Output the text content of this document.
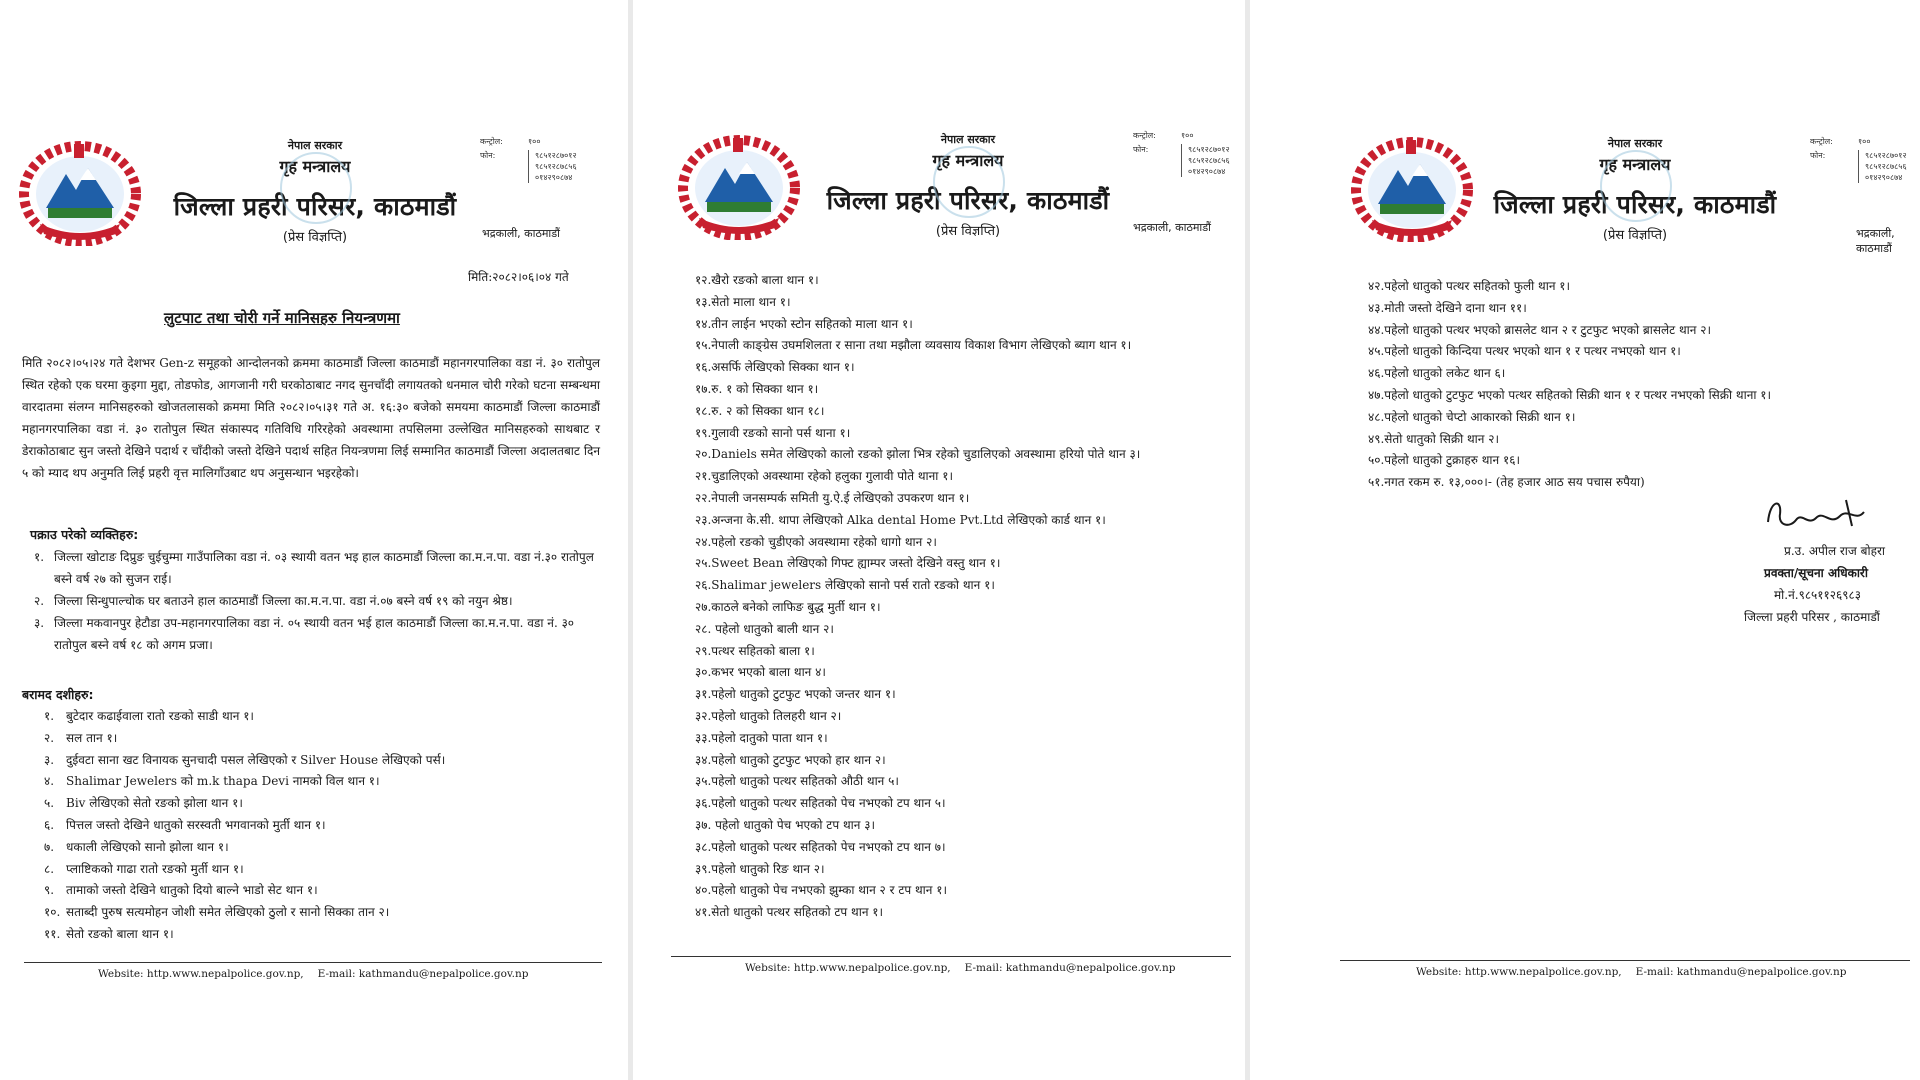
नेपाल सरकार
गृह मन्त्रालय
जिल्ला प्रहरी परिसर, काठमाडौं
(प्रेस विज्ञप्ति)
कन्ट्रोल:	१००
फोन:	९८५१२८७०१२
९८५१२८७८५६
०१४२९०८७४
भद्रकाली, काठमाडौं
मिति:२०८२।०६।०४ गते
लुटपाट तथा चोरी गर्ने मानिसहरु नियन्त्रणमा
मिति २०८२।०५।२४ गते देशभर Gen-z समूहको आन्दोलनको क्रममा काठमाडौं जिल्ला काठमाडौं महानगरपालिका वडा नं. ३० रातोपुल स्थित रहेको एक घरमा कुइगा मुद्दा, तोडफोड, आगजानी गरी घरकोठाबाट नगद सुनचाँदी लगायतको धनमाल चोरी गरेको घटना सम्बन्धमा वारदातमा संलग्न मानिसहरुको खोजतलासको क्रममा मिति २०८२।०५।३१ गते अ. १६:३० बजेको समयमा काठमाडौं जिल्ला काठमाडौं महानगरपालिका वडा नं. ३० रातोपुल स्थित संकास्पद गतिविधि गरिरहेको अवस्थामा तपसिलमा उल्लेखित मानिसहरुको साथबाट र डेराकोठाबाट सुन जस्तो देखिने पदार्थ र चाँदीको जस्तो देखिने पदार्थ सहित नियन्त्रणमा लिई सम्मानित काठमाडौं जिल्ला अदालतबाट दिन ५ को म्याद थप अनुमति लिई प्रहरी वृत्त मालिगाँउबाट थप अनुसन्धान भइरहेको।
पक्राउ परेको व्यक्तिहरु:
१. जिल्ला खोटाङ दिप्रुङ चुईचुम्मा गाउँपालिका वडा नं. ०३ स्थायी वतन भइ हाल काठमाडौं जिल्ला का.म.न.पा. वडा नं.३० रातोपुल बस्ने वर्ष २७ को सुजन राई।
२. जिल्ला सिन्धुपाल्चोक घर बताउने हाल काठमाडौं जिल्ला का.म.न.पा. वडा नं.०७ बस्ने वर्ष १९ को नयुन श्रेष्ठ।
३. जिल्ला मकवानपुर हेटौडा उप-महानगरपालिका वडा नं. ०५ स्थायी वतन भई हाल काठमाडौं जिल्ला का.म.न.पा. वडा नं. ३० रातोपुल बस्ने वर्ष १८ को अगम प्रजा।
बरामद दशीहरु:
१. बुटेदार कढाईवाला रातो रङको साडी थान १।
२. सल तान १।
३. दुईवटा साना खट विनायक सुनचादी पसल लेखिएको र Silver House लेखिएको पर्स।
४. Shalimar Jewelers को m.k thapa Devi नामको विल थान १।
५. Biv लेखिएको सेतो रङको झोला थान १।
६. पित्तल जस्तो देखिने धातुको सरस्वती भगवानको मुर्ती थान १।
७. धकाली लेखिएको सानो झोला थान १।
८. प्लाष्टिकको गाढा रातो रङको मुर्ती थान १।
९. तामाको जस्तो देखिने धातुको दियो बाल्ने भाडो सेट थान १।
१०. सताब्दी पुरुष सत्यमोहन जोशी समेत लेखिएको ठुलो र सानो सिक्का तान २।
११. सेतो रङको बाला थान १।
Website: http.www.nepalpolice.gov.np, E-mail: kathmandu@nepalpolice.gov.np
नेपाल सरकार
गृह मन्त्रालय
जिल्ला प्रहरी परिसर, काठमाडौं
(प्रेस विज्ञप्ति)
कन्ट्रोल:	१००
फोन:	९८५१२८७०१२
९८५१२८७८५६
०१४२९०८७४
भद्रकाली, काठमाडौं
१२.खैरो रङको बाला थान १।
१३.सेतो माला थान १।
१४.तीन लाईन भएको स्टोन सहितको माला थान १।
१५.नेपाली काङ्ग्रेस उघमशिलता र साना तथा मझौला व्यवसाय विकाश विभाग लेखिएको ब्याग थान १।
१६.असर्फि लेखिएको सिक्का थान १।
१७.रु. १ को सिक्का थान १।
१८.रु. २ को सिक्का थान १८।
१९.गुलावी रङको सानो पर्स थाना १।
२०.Daniels समेत लेखिएको कालो रङको झोला भित्र रहेको चुडालिएको अवस्थामा हरियो पोते थान ३।
२१.चुडालिएको अवस्थामा रहेको हलुका गुलावी पोते थाना १।
२२.नेपाली जनसम्पर्क समिती यु.ऐ.ई लेखिएको उपकरण थान १।
२३.अन्जना के.सी. थापा लेखिएको Alka dental Home Pvt.Ltd लेखिएको कार्ड थान १।
२४.पहेलो रङको चुडीएको अवस्थामा रहेको धागो थान २।
२५.Sweet Bean लेखिएको गिफ्ट ह्याम्पर जस्तो देखिने वस्तु थान १।
२६.Shalimar jewelers लेखिएको सानो पर्स रातो रङको थान १।
२७.काठले बनेको लाफिङ बुद्ध मुर्ती थान १।
२८. पहेलो धातुको बाली थान २।
२९.पत्थर सहितको बाला १।
३०.कभर भएको बाला थान ४।
३१.पहेलो धातुको टुटफुट भएको जन्तर थान १।
३२.पहेलो धातुको तिलहरी थान २।
३३.पहेलो दातुको पाता थान १।
३४.पहेलो धातुको टुटफुट भएको हार थान २।
३५.पहेलो धातुको पत्थर सहितको औठी थान ५।
३६.पहेलो धातुको पत्थर सहितको पेच नभएको टप थान ५।
३७. पहेलो धातुको पेच भएको टप थान ३।
३८.पहेलो धातुको पत्थर सहितको पेच नभएको टप थान ७।
३९.पहेलो धातुको रिङ थान २।
४०.पहेलो धातुको पेच नभएको झुम्का थान २ र टप थान १।
४१.सेतो धातुको पत्थर सहितको टप थान १।
Website: http.www.nepalpolice.gov.np, E-mail: kathmandu@nepalpolice.gov.np
नेपाल सरकार
गृह मन्त्रालय
जिल्ला प्रहरी परिसर, काठमाडौं
(प्रेस विज्ञप्ति)
कन्ट्रोल:	१००
फोन:	९८५१२८७०१२
९८५१२८७८५६
०१४२९०८७४
भद्रकाली, काठमाडौं
४२.पहेलो धातुको पत्थर सहितको फुली थान १।
४३.मोती जस्तो देखिने दाना थान ११।
४४.पहेलो धातुको पत्थर भएको ब्रासलेट थान २ र टुटफुट भएको ब्रासलेट थान २।
४५.पहेलो धातुको किन्दिया पत्थर भएको थान १ र पत्थर नभएको थान १।
४६.पहेलो धातुको लकेट थान ६।
४७.पहेलो धातुको टुटफुट भएको पत्थर सहितको सिक्री थान १ र पत्थर नभएको सिक्री थाना १।
४८.पहेलो धातुको चेप्टो आकारको सिक्री थान १।
४९.सेतो धातुको सिक्री थान २।
५०.पहेलो धातुको टुक्राहरु थान १६।
५१.नगत रकम रु. १३,०००।- (तेह हजार आठ सय पचास रुपैया)
प्र.उ. अपील राज बोहरा
प्रवक्ता/सूचना अधिकारी
मो.नं.९८५११२६९८३
जिल्ला प्रहरी परिसर , काठमाडौं
Website: http.www.nepalpolice.gov.np, E-mail: kathmandu@nepalpolice.gov.np
